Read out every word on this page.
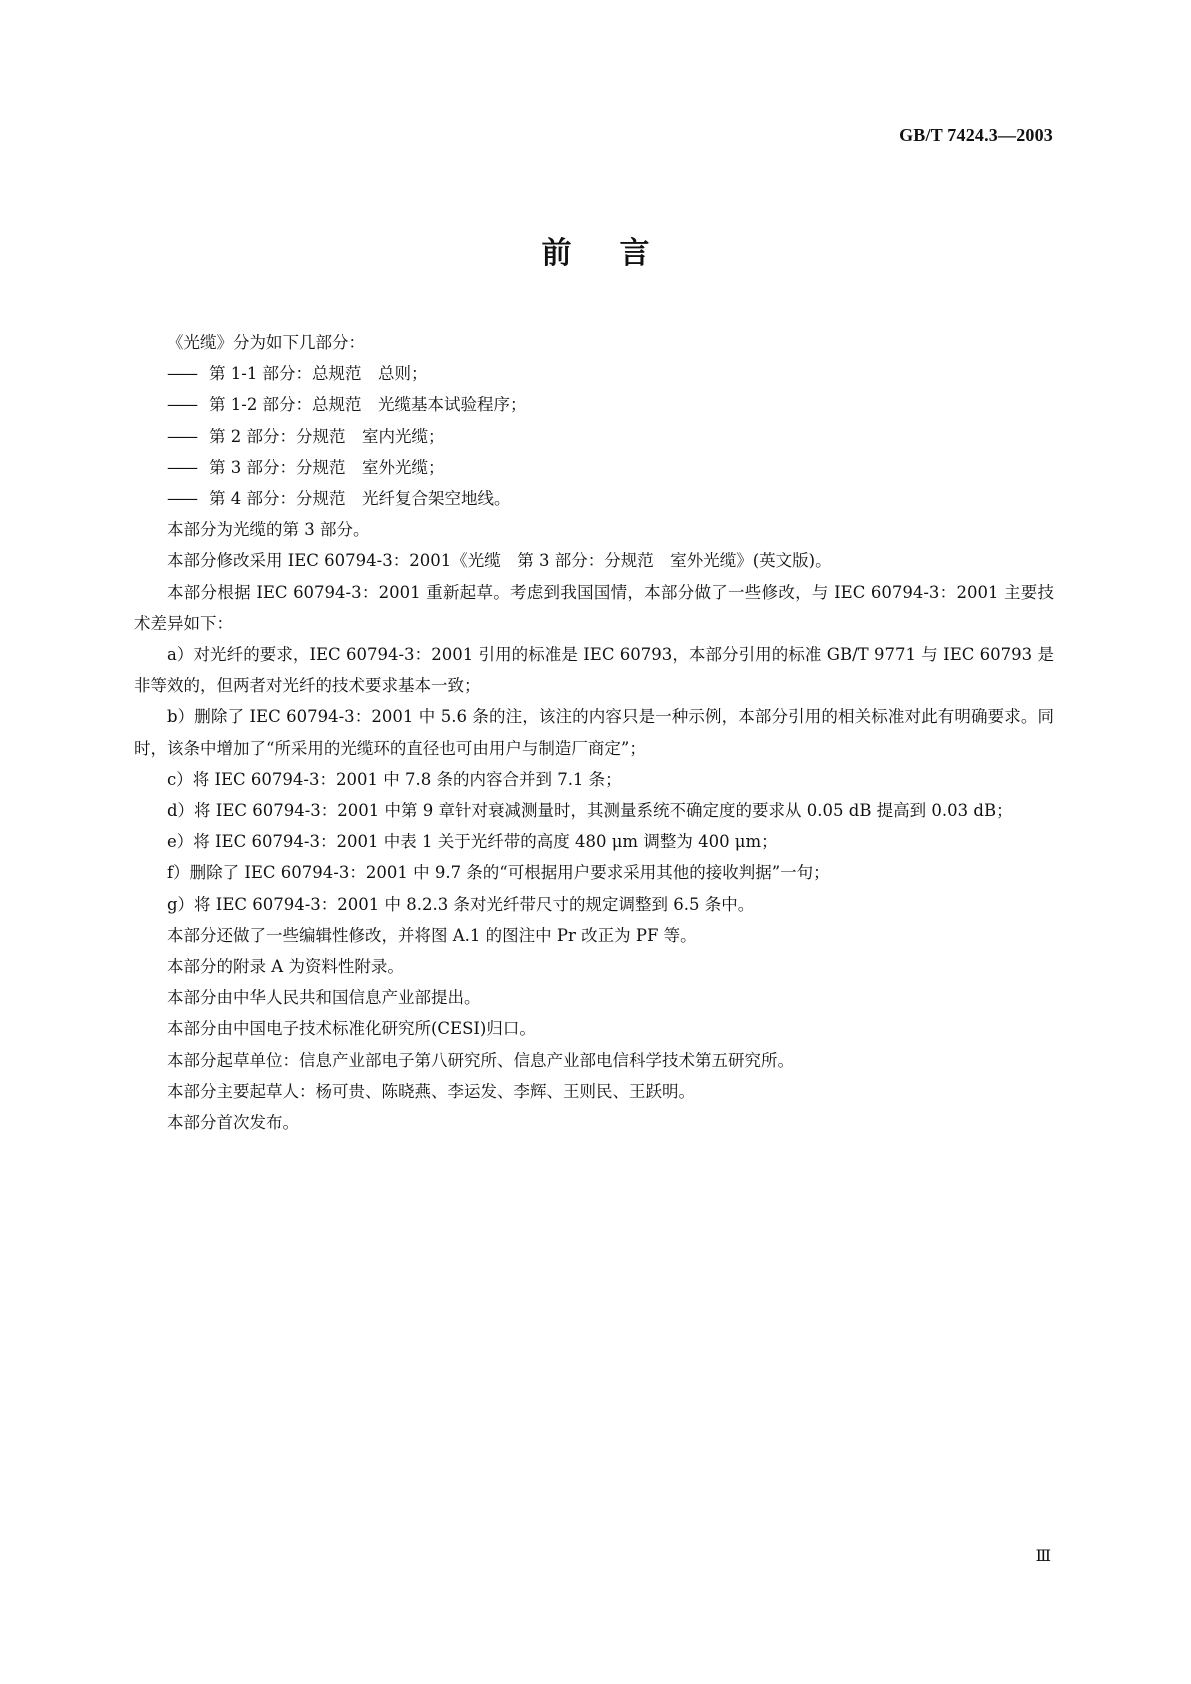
GB/T 7424.3—2003
前言

《光缆》分为如下几部分：

—— 第 1-1 部分：总规范　总则；

—— 第 1-2 部分：总规范　光缆基本试验程序；

—— 第 2 部分：分规范　室内光缆；

—— 第 3 部分：分规范　室外光缆；

—— 第 4 部分：分规范　光纤复合架空地线。

本部分为光缆的第 3 部分。

本部分修改采用 IEC 60794-3：2001《光缆　第 3 部分：分规范　室外光缆》(英文版)。

本部分根据 IEC 60794-3：2001 重新起草。考虑到我国国情，本部分做了一些修改，与 IEC 60794-3：2001 主要技术差异如下：

a）对光纤的要求，IEC 60794-3：2001 引用的标准是 IEC 60793，本部分引用的标准 GB/T 9771 与 IEC 60793 是非等效的，但两者对光纤的技术要求基本一致；

b）删除了 IEC 60794-3：2001 中 5.6 条的注，该注的内容只是一种示例，本部分引用的相关标准对此有明确要求。同时，该条中增加了“所采用的光缆环的直径也可由用户与制造厂商定”；

c）将 IEC 60794-3：2001 中 7.8 条的内容合并到 7.1 条；

d）将 IEC 60794-3：2001 中第 9 章针对衰减测量时，其测量系统不确定度的要求从 0.05 dB 提高到 0.03 dB；

e）将 IEC 60794-3：2001 中表 1 关于光纤带的高度 480 μm 调整为 400 μm；

f）删除了 IEC 60794-3：2001 中 9.7 条的“可根据用户要求采用其他的接收判据”一句；

g）将 IEC 60794-3：2001 中 8.2.3 条对光纤带尺寸的规定调整到 6.5 条中。

本部分还做了一些编辑性修改，并将图 A.1 的图注中 Pr 改正为 PF 等。

本部分的附录 A 为资料性附录。

本部分由中华人民共和国信息产业部提出。

本部分由中国电子技术标准化研究所(CESI)归口。

本部分起草单位：信息产业部电子第八研究所、信息产业部电信科学技术第五研究所。

本部分主要起草人：杨可贵、陈晓燕、李运发、李辉、王则民、王跃明。

本部分首次发布。

Ⅲ
